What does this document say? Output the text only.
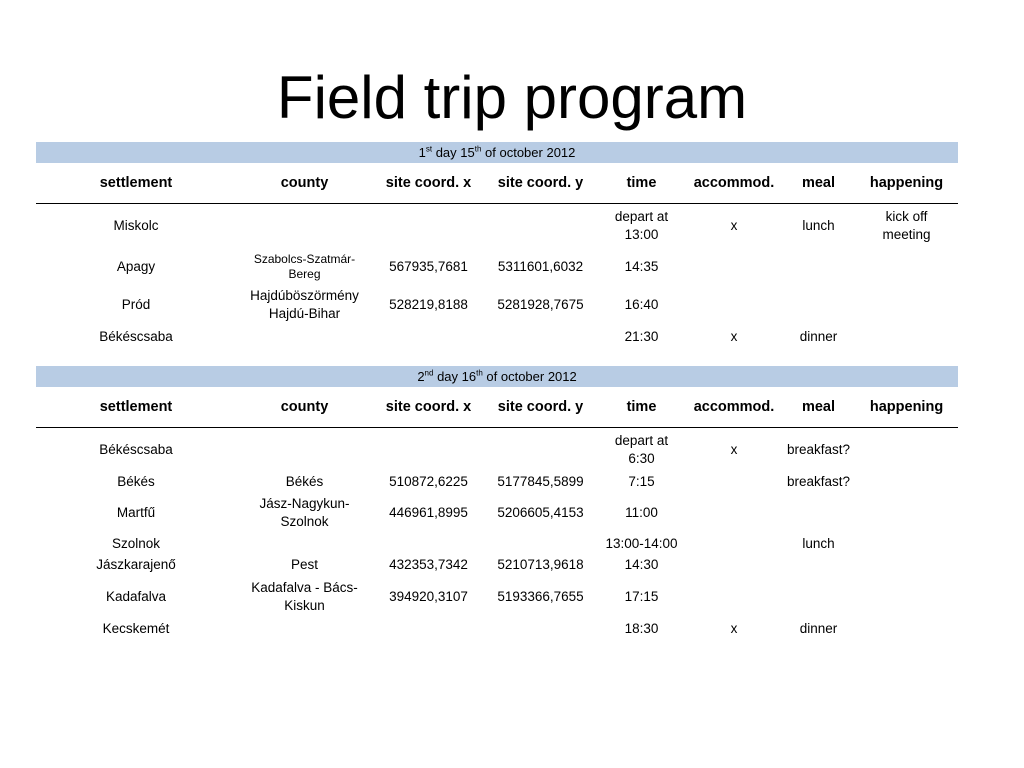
Field trip program
1st day 15th of october 2012							
settlement	county	site coord. x	site coord. y	time	accommod.	meal	happening
Miskolc				depart at 13:00	x	lunch	kick off meeting
Apagy	Szabolcs-Szatmár-Bereg	567935,7681	5311601,6032	14:35			
Pród	Hajdúböszörmény Hajdú-Bihar	528219,8188	5281928,7675	16:40			
Békéscsaba				21:30	x	dinner	
2nd day 16th of october 2012							
settlement	county	site coord. x	site coord. y	time	accommod.	meal	happening
Békéscsaba				depart at 6:30	x	breakfast?	
Békés	Békés	510872,6225	5177845,5899	7:15		breakfast?	
Martfű	Jász-Nagykun-Szolnok	446961,8995	5206605,4153	11:00			
Szolnok				13:00-14:00		lunch	
Jászkarajenő	Pest	432353,7342	5210713,9618	14:30			
Kadafalva	Kadafalva - Bács-Kiskun	394920,3107	5193366,7655	17:15			
Kecskemét				18:30	x	dinner	
